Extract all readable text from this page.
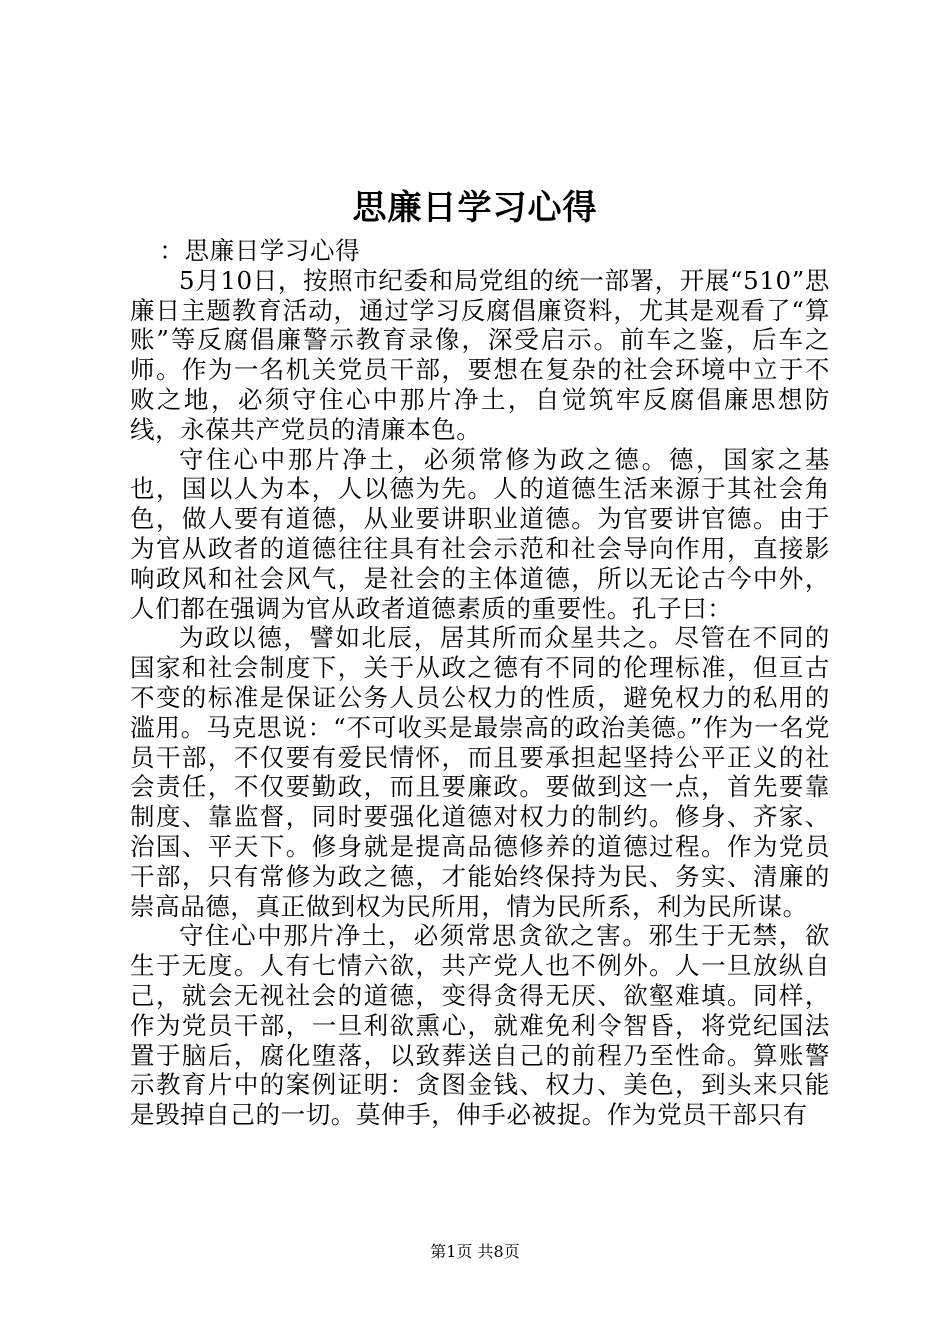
思廉日学习心得
：思廉日学习心得

5月10日，按照市纪委和局党组的统一部署，开展“510”思廉日主题教育活动，通过学习反腐倡廉资料，尤其是观看了“算账”等反腐倡廉警示教育录像，深受启示。前车之鉴，后车之师。作为一名机关党员干部，要想在复杂的社会环境中立于不败之地，必须守住心中那片净土，自觉筑牢反腐倡廉思想防线，永葆共产党员的清廉本色。

守住心中那片净土，必须常修为政之德。德，国家之基也，国以人为本，人以德为先。人的道德生活来源于其社会角色，做人要有道德，从业要讲职业道德。为官要讲官德。由于为官从政者的道德往往具有社会示范和社会导向作用，直接影响政风和社会风气，是社会的主体道德，所以无论古今中外，人们都在强调为官从政者道德素质的重要性。孔子曰：

为政以德，譬如北辰，居其所而众星共之。尽管在不同的国家和社会制度下，关于从政之德有不同的伦理标准，但亘古不变的标准是保证公务人员公权力的性质，避免权力的私用的滥用。马克思说：“不可收买是最崇高的政治美德。”作为一名党员干部，不仅要有爱民情怀，而且要承担起坚持公平正义的社会责任，不仅要勤政，而且要廉政。要做到这一点，首先要靠制度、靠监督，同时要强化道德对权力的制约。修身、齐家、治国、平天下。修身就是提高品德修养的道德过程。作为党员干部，只有常修为政之德，才能始终保持为民、务实、清廉的崇高品德，真正做到权为民所用，情为民所系，利为民所谋。

守住心中那片净土，必须常思贪欲之害。邪生于无禁，欲生于无度。人有七情六欲，共产党人也不例外。人一旦放纵自己，就会无视社会的道德，变得贪得无厌、欲壑难填。同样，作为党员干部，一旦利欲熏心，就难免利令智昏，将党纪国法置于脑后，腐化堕落，以致葬送自己的前程乃至性命。算账警示教育片中的案例证明：贪图金钱、权力、美色，到头来只能是毁掉自己的一切。莫伸手，伸手必被捉。作为党员干部只有

第1页 共8页
